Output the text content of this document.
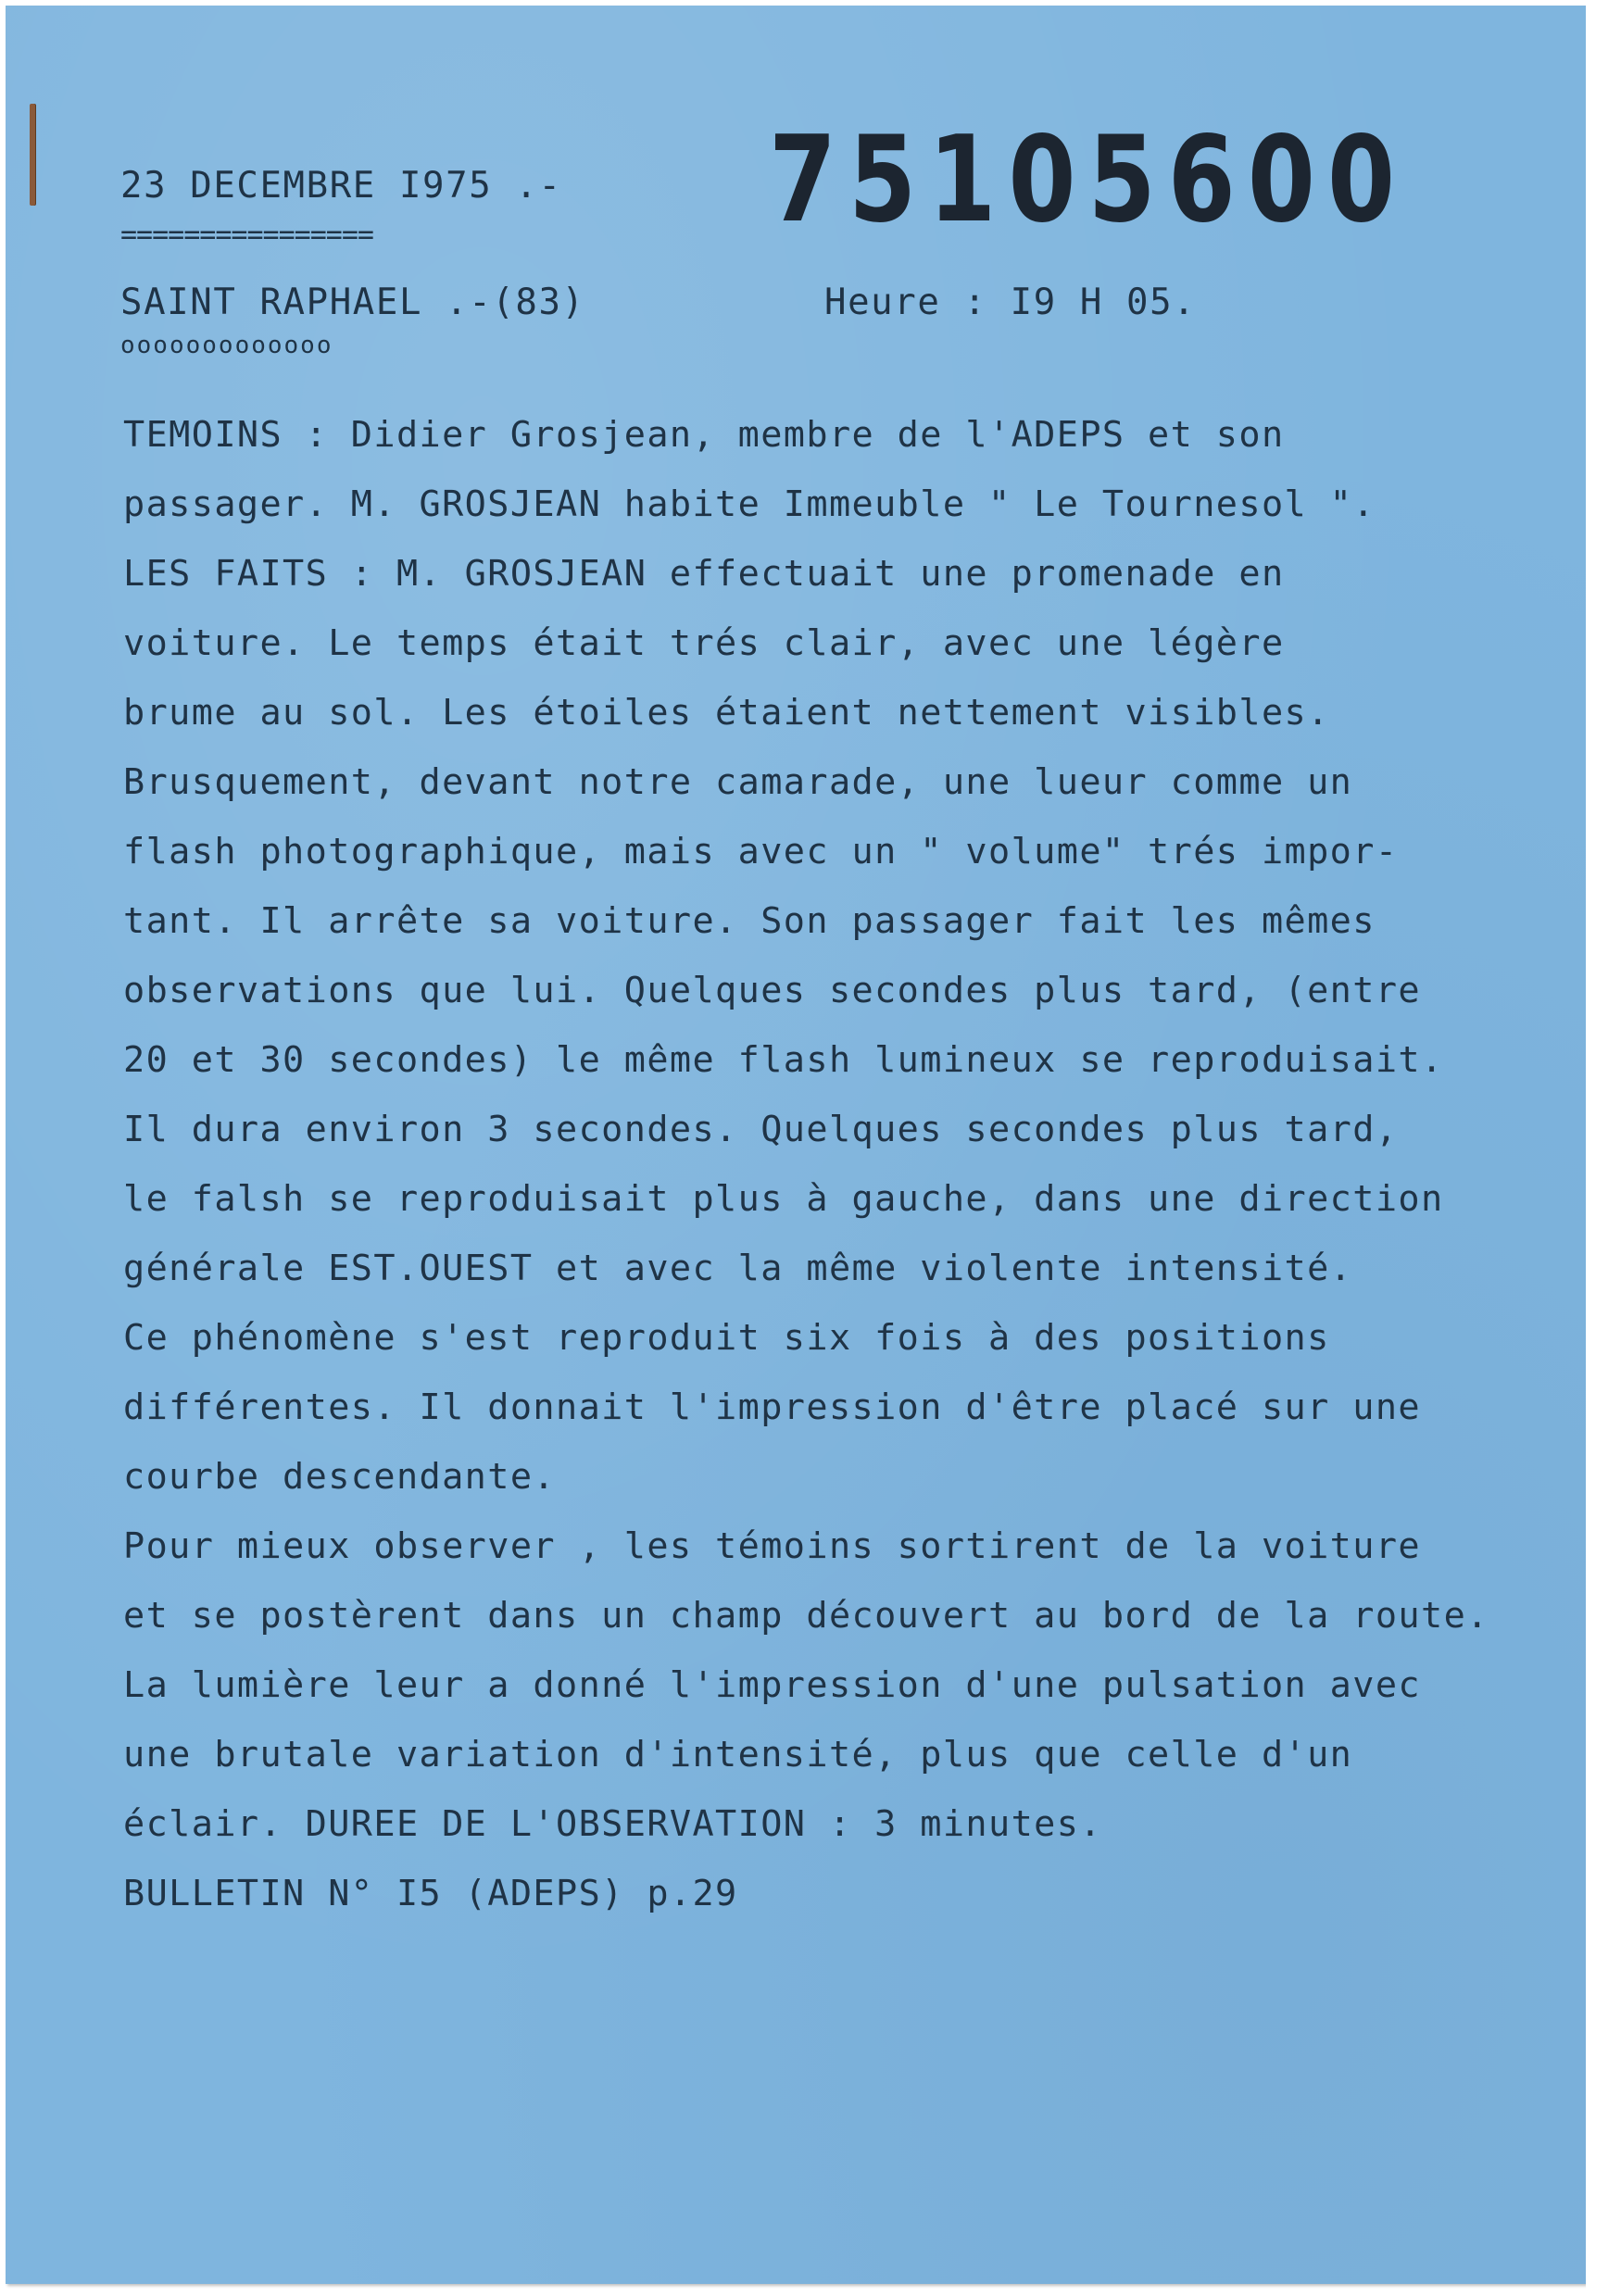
23 DECEMBRE I975 .-
================	75105600
SAINT RAPHAEL .-(83)
ooooooooooooo
Heure : I9 H 05.
TEMOINS : Didier Grosjean, membre de l'ADEPS et son
passager. M. GROSJEAN habite Immeuble " Le Tournesol ".
LES FAITS : M. GROSJEAN effectuait une promenade en
voiture. Le temps était trés clair, avec une légère
brume au sol. Les étoiles étaient nettement visibles.
Brusquement, devant notre camarade, une lueur comme un
flash photographique, mais avec un " volume" trés impor-
tant. Il arrête sa voiture. Son passager fait les mêmes
observations que lui. Quelques secondes plus tard, (entre
20 et 30 secondes) le même flash lumineux se reproduisait.
Il dura environ 3 secondes. Quelques secondes plus tard,
le falsh se reproduisait plus à gauche, dans une direction
générale EST.OUEST et avec la même violente intensité.
Ce phénomène s'est reproduit six fois à des positions
différentes. Il donnait l'impression d'être placé sur une
courbe descendante.
Pour mieux observer , les témoins sortirent de la voiture
et se postèrent dans un champ découvert au bord de la route.
La lumière leur a donné l'impression d'une pulsation avec
une brutale variation d'intensité, plus que celle d'un
éclair. DUREE DE L'OBSERVATION : 3 minutes.
BULLETIN N° I5 (ADEPS) p.29
